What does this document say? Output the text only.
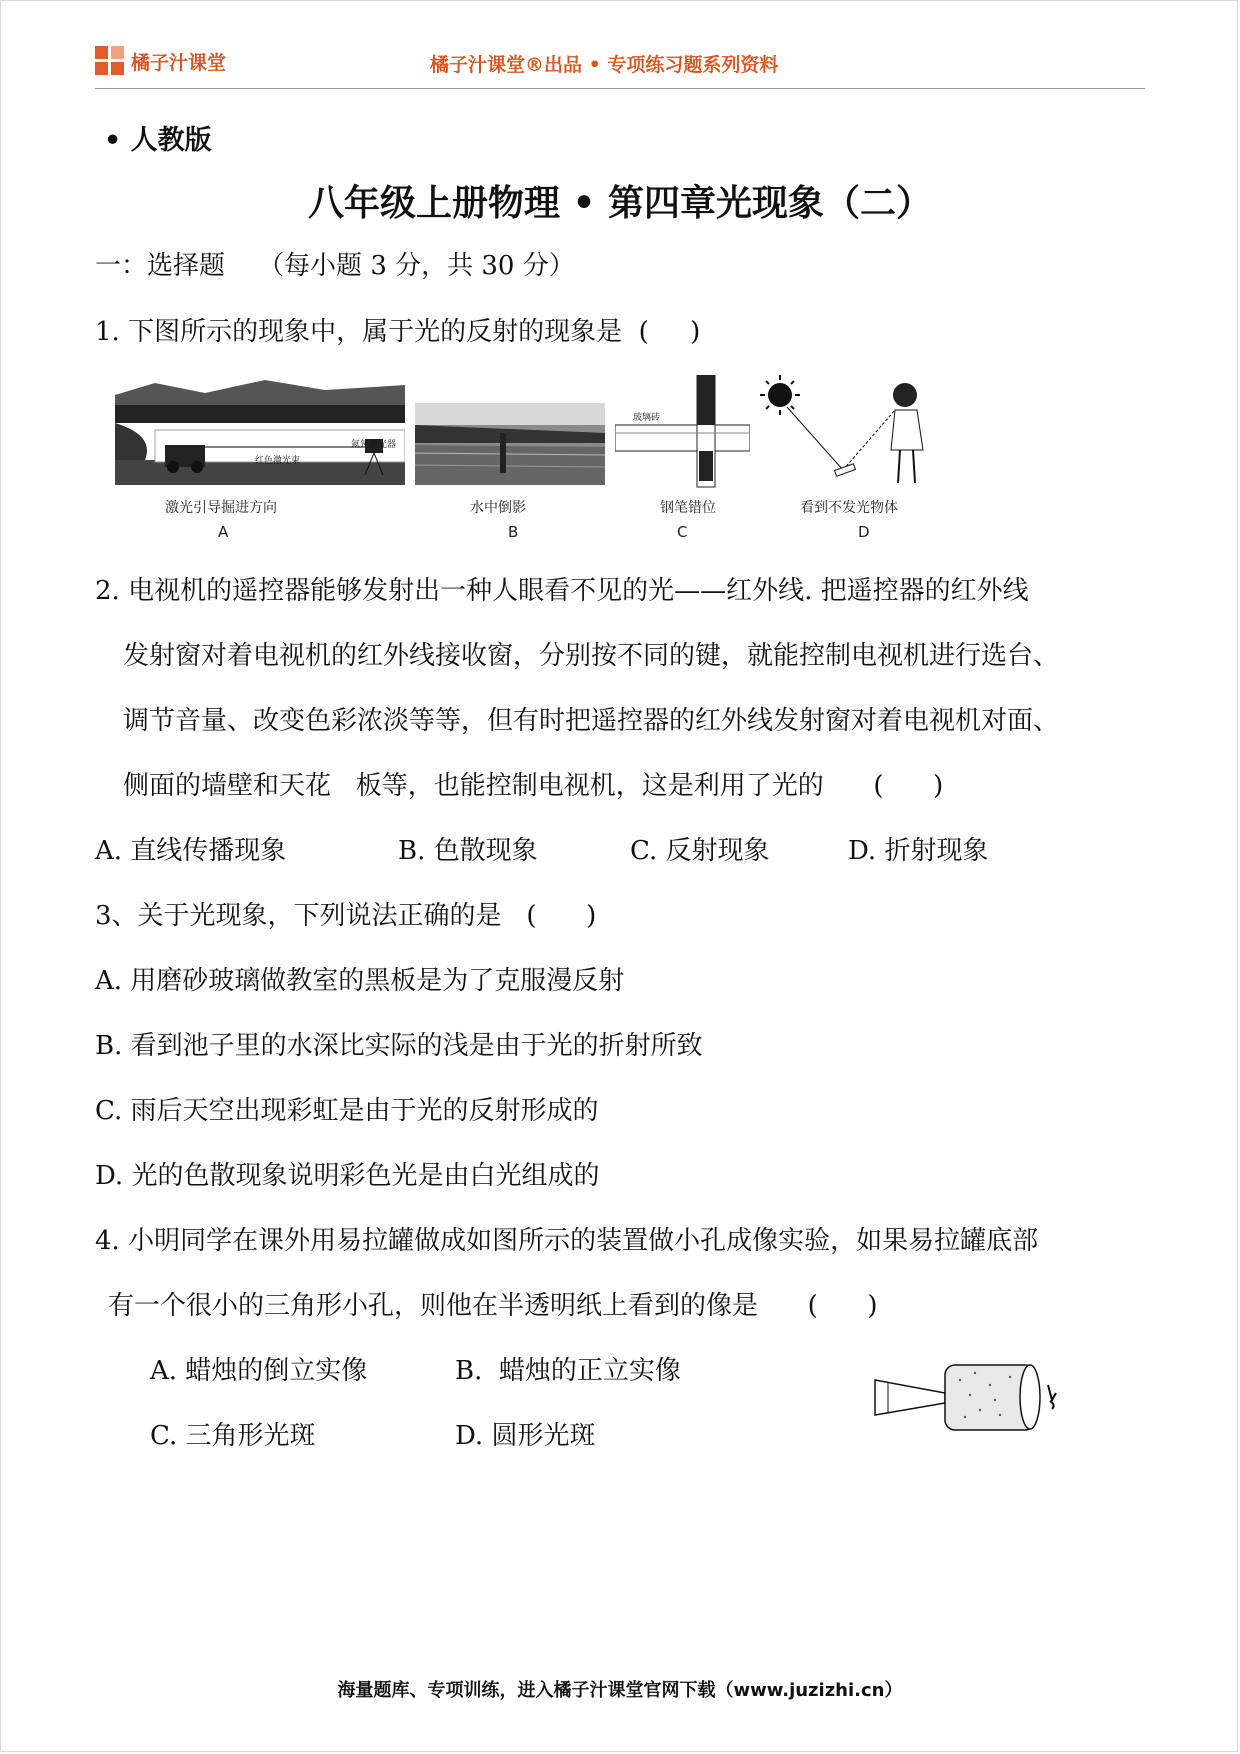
橘子汁课堂	橘子汁课堂®出品 • 专项练习题系列资料
• 人教版
八年级上册物理 • 第四章光现象（二）
一：选择题    （每小题 3 分，共 30 分）
1. 下图所示的现象中，属于光的反射的现象是  (     )
红色激光束
氦氖激光器
激光引导掘进方向
A
水中倒影
B
玻璃砖
钢笔错位
C
看到不发光物体
D
2. 电视机的遥控器能够发射出一种人眼看不见的光——红外线. 把遥控器的红外线
发射窗对着电视机的红外线接收窗，分别按不同的键，就能控制电视机进行选台、
调节音量、改变色彩浓淡等等，但有时把遥控器的红外线发射窗对着电视机对面、
侧面的墙壁和天花   板等，也能控制电视机，这是利用了光的      (      )
A. 直线传播现象	B. 色散现象	C. 反射现象	D. 折射现象
3、关于光现象，下列说法正确的是   (      )
A. 用磨砂玻璃做教室的黑板是为了克服漫反射
B. 看到池子里的水深比实际的浅是由于光的折射所致
C. 雨后天空出现彩虹是由于光的反射形成的
D. 光的色散现象说明彩色光是由白光组成的
4. 小明同学在课外用易拉罐做成如图所示的装置做小孔成像实验，如果易拉罐底部
有一个很小的三角形小孔，则他在半透明纸上看到的像是      (      )
A. 蜡烛的倒立实像	B.  蜡烛的正立实像
C. 三角形光斑	D. 圆形光斑
海量题库、专项训练，进入橘子汁课堂官网下载（www.juzizhi.cn）
